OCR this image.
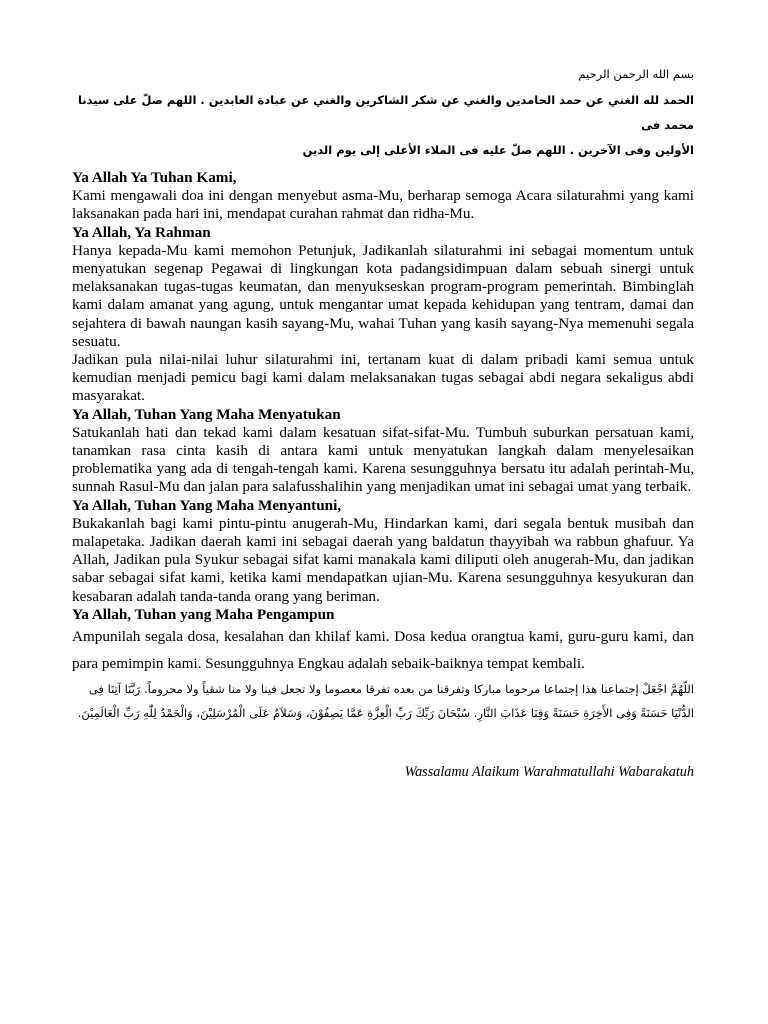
بسم الله الرحمن الرحيم

الحمد لله الغني عن حمد الحامدين والغني عن شكر الشاكرين والغني عن عبادة العابدين . اللهم صلّ على سيدنا محمد فى
الأولين وفى الآخرين . اللهم صلّ عليه فى الملاء الأعلى إلى يوم الدين

Ya Allah Ya Tuhan Kami,

Kami mengawali doa ini dengan menyebut asma-Mu, berharap semoga Acara silaturahmi yang kami laksanakan pada hari ini, mendapat curahan rahmat dan ridha-Mu.

Ya Allah, Ya Rahman

Hanya kepada-Mu kami memohon Petunjuk, Jadikanlah silaturahmi ini sebagai momentum untuk menyatukan segenap Pegawai di lingkungan kota padangsidimpuan dalam sebuah sinergi untuk melaksanakan tugas-tugas keumatan, dan menyukseskan program-program pemerintah. Bimbinglah kami dalam amanat yang agung, untuk mengantar umat kepada kehidupan yang tentram, damai dan sejahtera di bawah naungan kasih sayang-Mu, wahai Tuhan yang kasih sayang-Nya memenuhi segala sesuatu.

Jadikan pula nilai-nilai luhur silaturahmi ini, tertanam kuat di dalam pribadi kami semua untuk kemudian menjadi pemicu bagi kami dalam melaksanakan tugas sebagai abdi negara sekaligus abdi masyarakat.

Ya Allah, Tuhan Yang Maha Menyatukan

Satukanlah hati dan tekad kami dalam kesatuan sifat-sifat-Mu. Tumbuh suburkan persatuan kami, tanamkan rasa cinta kasih di antara kami untuk menyatukan langkah dalam menyelesaikan problematika yang ada di tengah-tengah kami. Karena sesungguhnya bersatu itu adalah perintah-Mu, sunnah Rasul-Mu dan jalan para salafusshalihin yang menjadikan umat ini sebagai umat yang terbaik.

Ya Allah, Tuhan Yang Maha Menyantuni,

Bukakanlah bagi kami pintu-pintu anugerah-Mu, Hindarkan kami, dari segala bentuk musibah dan malapetaka. Jadikan daerah kami ini sebagai daerah yang baldatun thayyibah wa rabbun ghafuur. Ya Allah, Jadikan pula Syukur sebagai sifat kami manakala kami diliputi oleh anugerah-Mu, dan jadikan sabar sebagai sifat kami, ketika kami mendapatkan ujian-Mu. Karena sesungguhnya kesyukuran dan kesabaran adalah tanda-tanda orang yang beriman.

Ya Allah, Tuhan yang Maha Pengampun

Ampunilah segala dosa, kesalahan dan khilaf kami. Dosa kedua orangtua kami, guru-guru kami, dan para pemimpin kami. Sesungguhnya Engkau adalah sebaik-baiknya tempat kembali.

اللّهُمَّ اجْعَلْ إجتماعنا هذا إجتماعا مرحوما مباركا وتفرقنا من بعده تفرقا معصوما ولا تجعل فينا ولا منا شقياً ولا محروماً. رَبَّنَا آتِنَا فِى الدُّنْيَا حَسَنَةً وَفِى الأَخِرَةِ حَسَنَةً وَقِنَا عَذَابَ النَّارِ. سُبْحَانَ رَبِّكَ رَبِّ الْعِزَّةِ عَمَّا يَصِفُوْنَ، وَسَلاَمٌ عَلَى الْمُرْسَلِيْنَ، وَالْحَمْدُ لِلّٰهِ رَبِّ الْعَالَمِيْنَ.

Wassalamu Alaikum Warahmatullahi Wabarakatuh
